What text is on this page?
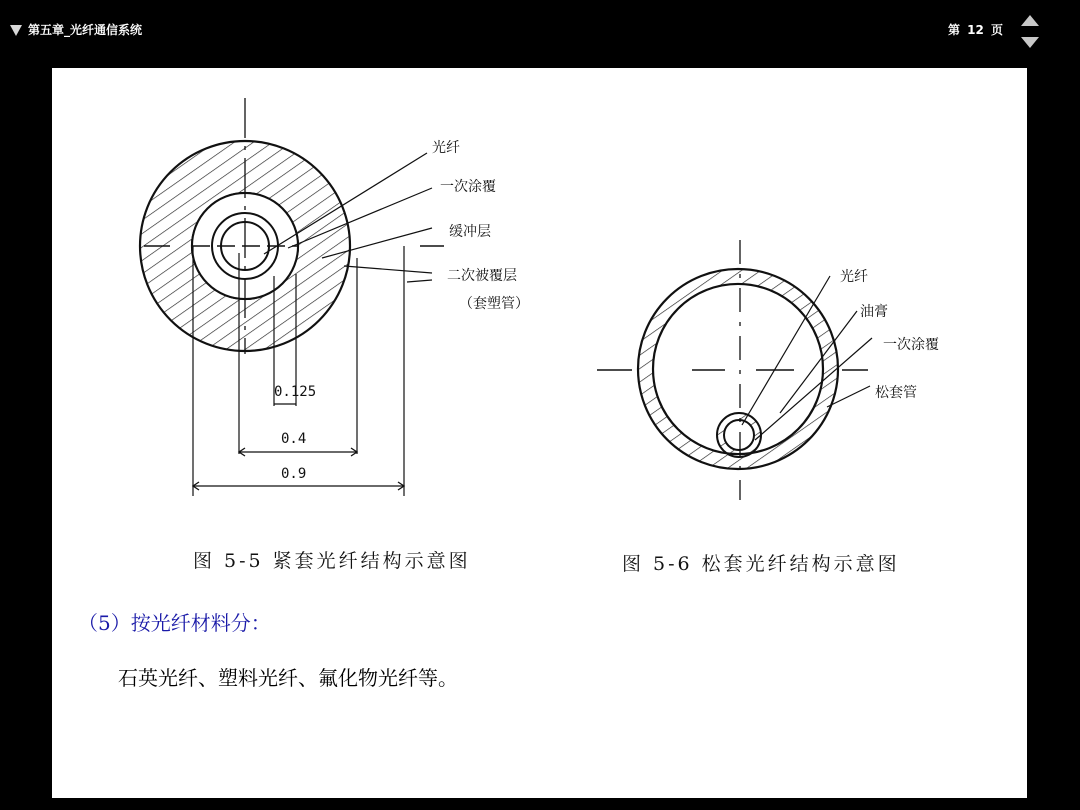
第五章_光纤通信系统	第 12 页
光纤
一次涂覆
缓冲层
二次被覆层
（套塑管）
0.125
0.4
0.9
图 5-5 紧套光纤结构示意图
光纤
油膏
一次涂覆
松套管
图 5-6 松套光纤结构示意图
（5）按光纤材料分：
石英光纤、塑料光纤、氟化物光纤等。
